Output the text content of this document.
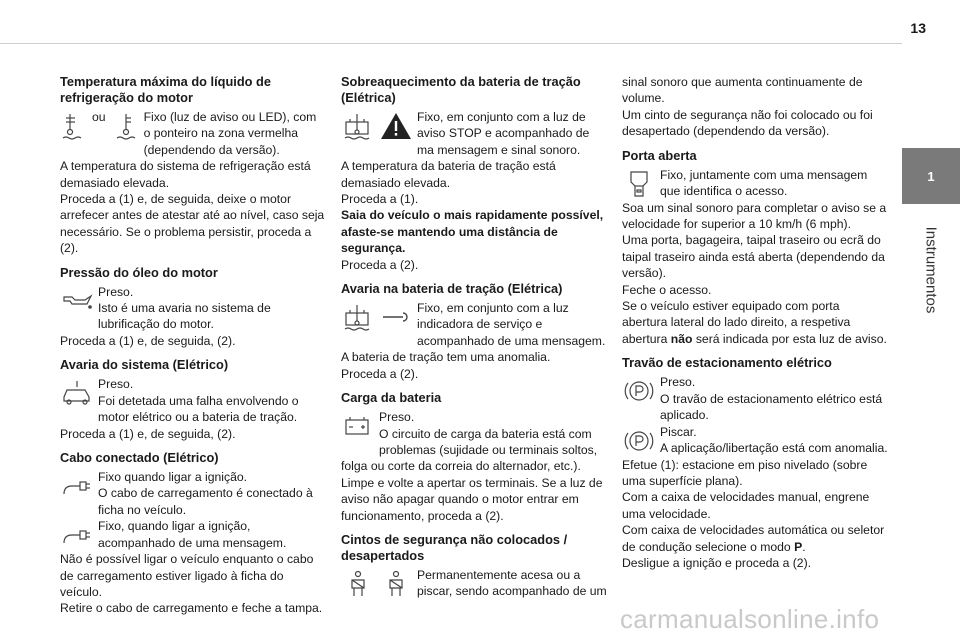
13
1
Instrumentos
Temperatura máxima do líquido de refrigeração do motor
ou	Fixo (luz de aviso ou LED), com o ponteiro na zona vermelha (dependendo da versão).

A temperatura do sistema de refrigeração está demasiado elevada.

Proceda a (1) e, de seguida, deixe o motor arrefecer antes de atestar até ao nível, caso seja necessário. Se o problema persistir, proceda a (2).

Pressão do óleo do motor

Preso.

Isto é uma avaria no sistema de lubrificação do motor.

Proceda a (1) e, de seguida, (2).

Avaria do sistema (Elétrico)

Preso.

Foi detetada uma falha envolvendo o motor elétrico ou a bateria de tração.

Proceda a (1) e, de seguida, (2).

Cabo conectado (Elétrico)

Fixo quando ligar a ignição.

O cabo de carregamento é conectado à ficha no veículo.

Fixo, quando ligar a ignição, acompanhado de uma mensagem.

Não é possível ligar o veículo enquanto o cabo de carregamento estiver ligado à ficha do veículo.

Retire o cabo de carregamento e feche a tampa.

Sobreaquecimento da bateria de tração (Elétrica)
Fixo, em conjunto com a luz de aviso STOP e acompanhado de ma mensagem e sinal sonoro.

A temperatura da bateria de tração está demasiado elevada.

Proceda a (1).

Saia do veículo o mais rapidamente possível, afaste-se mantendo uma distância de segurança.

Proceda a (2).

Avaria na bateria de tração (Elétrica)
Fixo, em conjunto com a luz indicadora de serviço e acompanhado de uma mensagem.

A bateria de tração tem uma anomalia.

Proceda a (2).

Carga da bateria

Preso.

O circuito de carga da bateria está com problemas (sujidade ou terminais soltos, folga ou corte da correia do alternador, etc.).

Limpe e volte a apertar os terminais. Se a luz de aviso não apagar quando o motor entrar em funcionamento, proceda a (2).

Cintos de segurança não colocados / desapertados
Permanentemente acesa ou a piscar, sendo acompanhado de um

sinal sonoro que aumenta continuamente de volume.

Um cinto de segurança não foi colocado ou foi desapertado (dependendo da versão).

Porta aberta

Fixo, juntamente com uma mensagem que identifica o acesso.

Soa um sinal sonoro para completar o aviso se a velocidade for superior a 10 km/h (6 mph).

Uma porta, bagageira, taipal traseiro ou ecrã do taipal traseiro ainda está aberta (dependendo da versão).

Feche o acesso.

Se o veículo estiver equipado com porta abertura lateral do lado direito, a respetiva abertura não será indicada por esta luz de aviso.

Travão de estacionamento elétrico

Preso.

O travão de estacionamento elétrico está aplicado.

Piscar.

A aplicação/libertação está com anomalia.

Efetue (1): estacione em piso nivelado (sobre uma superfície plana).

Com a caixa de velocidades manual, engrene uma velocidade.

Com caixa de velocidades automática ou seletor de condução selecione o modo P.

Desligue a ignição e proceda a (2).

carmanualsonline.info
